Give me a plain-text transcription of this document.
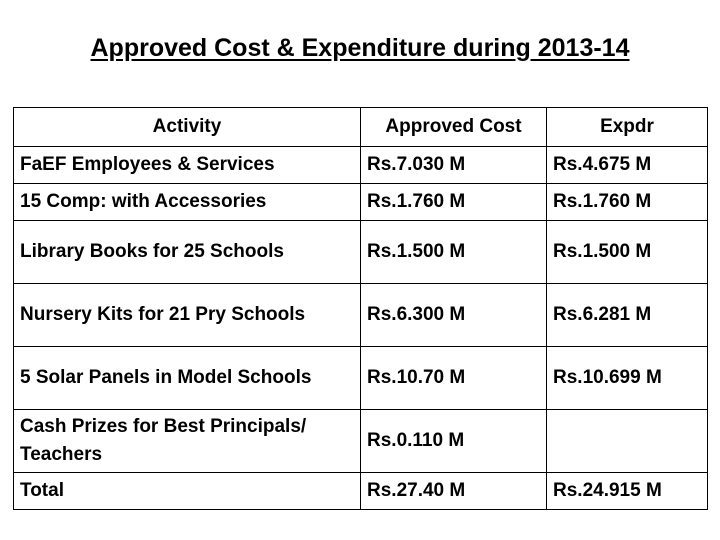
Approved Cost & Expenditure during 2013-14
Activity	Approved Cost	Expdr
FaEF Employees & Services	Rs.7.030 M	Rs.4.675 M
15 Comp: with Accessories	Rs.1.760 M	Rs.1.760 M
Library Books for 25 Schools	Rs.1.500 M	Rs.1.500 M
Nursery Kits for 21 Pry Schools	Rs.6.300 M	Rs.6.281 M
5 Solar Panels in Model Schools	Rs.10.70 M	Rs.10.699 M
Cash Prizes for Best Principals/ Teachers	Rs.0.110 M	
Total	Rs.27.40 M	Rs.24.915 M
